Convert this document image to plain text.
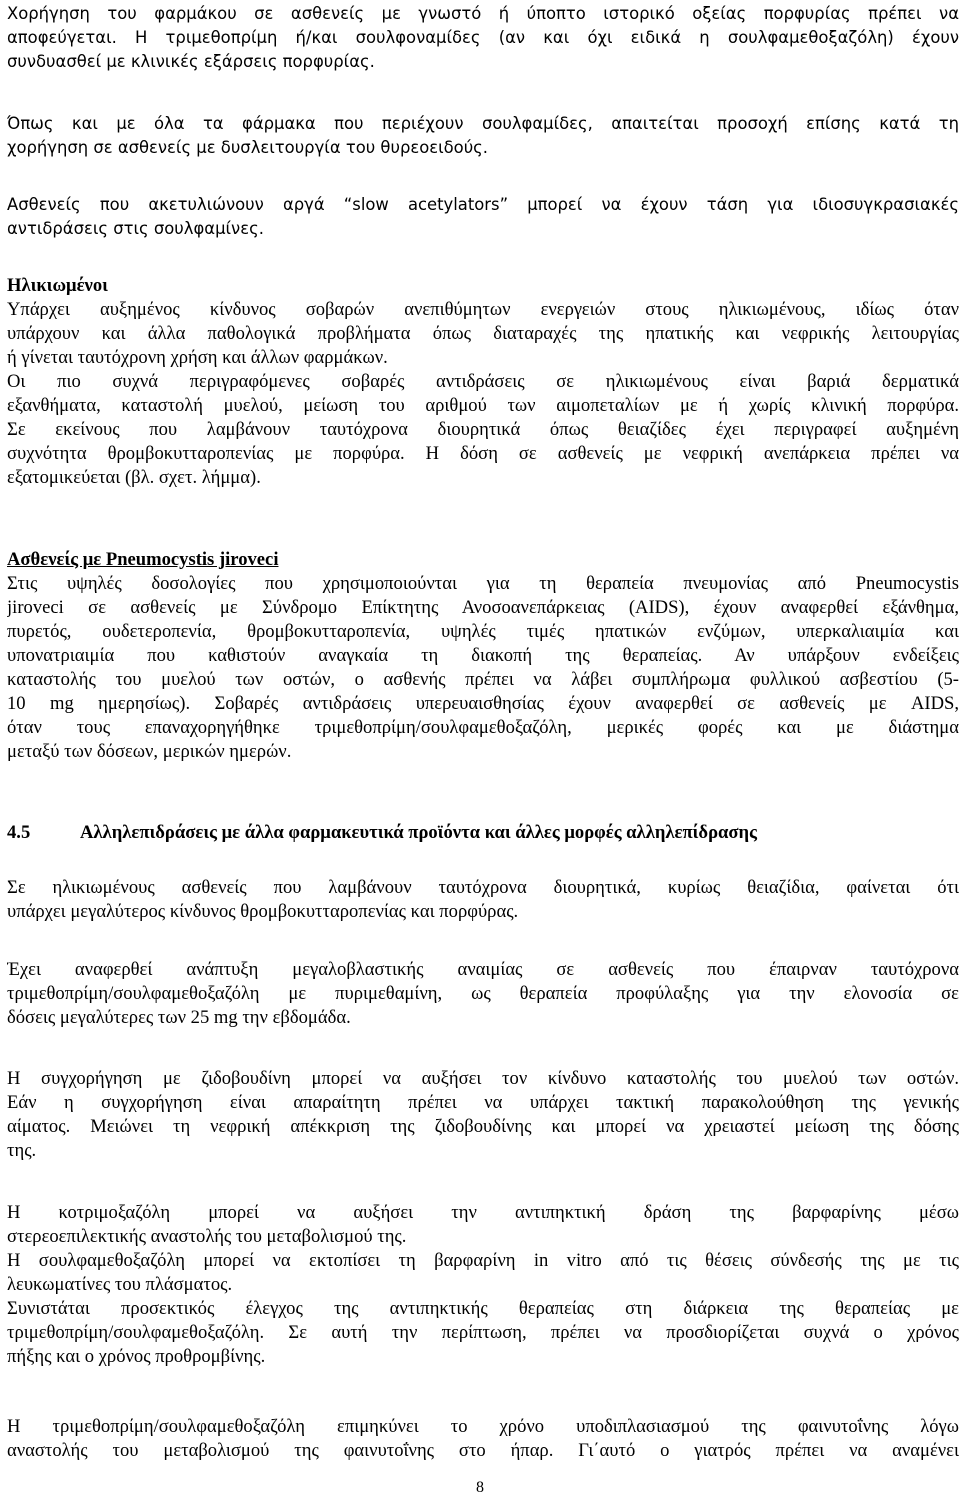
Χορήγηση του φαρμάκου σε ασθενείς με γνωστό ή ύποπτο ιστορικό οξείας πορφυρίας πρέπει να
αποφεύγεται. Η τριμεθοπρίμη ή/και σουλφοναμίδες (αν και όχι ειδικά η σουλφαμεθοξαζόλη) έχουν
συνδυασθεί με κλινικές εξάρσεις πορφυρίας.
Όπως και με όλα τα φάρμακα που περιέχουν σουλφαμίδες, απαιτείται προσοχή επίσης κατά τη
χορήγηση σε ασθενείς με δυσλειτουργία του θυρεοειδούς.
Ασθενείς που ακετυλιώνουν αργά “slow acetylators” μπορεί να έχουν τάση για ιδιοσυγκρασιακές
αντιδράσεις στις σουλφαμίνες.
Ηλικιωμένοι
Υπάρχει αυξημένος κίνδυνος σοβαρών ανεπιθύμητων ενεργειών στους ηλικιωμένους, ιδίως όταν
υπάρχουν και άλλα παθολογικά προβλήματα όπως διαταραχές της ηπατικής και νεφρικής λειτουργίας
ή γίνεται ταυτόχρονη χρήση και άλλων φαρμάκων.
Οι πιο συχνά περιγραφόμενες σοβαρές αντιδράσεις σε ηλικιωμένους είναι βαριά δερματικά
εξανθήματα, καταστολή μυελού, μείωση του αριθμού των αιμοπεταλίων με ή χωρίς κλινική πορφύρα.
Σε εκείνους που λαμβάνουν ταυτόχρονα διουρητικά όπως θειαζίδες έχει περιγραφεί αυξημένη
συχνότητα θρομβοκυτταροπενίας με πορφύρα. Η δόση σε ασθενείς με νεφρική ανεπάρκεια πρέπει να
εξατομικεύεται (βλ. σχετ. λήμμα).
Ασθενείς με Pneumocystis jiroveci
Στις υψηλές δοσολογίες που χρησιμοποιούνται για τη θεραπεία πνευμονίας από Pneumocystis
jiroveci σε ασθενείς με Σύνδρομο Επίκτητης Ανοσοανεπάρκειας (AIDS), έχουν αναφερθεί εξάνθημα,
πυρετός, ουδετεροπενία, θρομβοκυτταροπενία, υψηλές τιμές ηπατικών ενζύμων, υπερκαλιαιμία και
υπονατριαιμία που καθιστούν αναγκαία τη διακοπή της θεραπείας. Αν υπάρξουν ενδείξεις
καταστολής του μυελού των οστών, ο ασθενής πρέπει να λάβει συμπλήρωμα φυλλικού ασβεστίου (5-
10 mg ημερησίως). Σοβαρές αντιδράσεις υπερευαισθησίας έχουν αναφερθεί σε ασθενείς με AIDS,
όταν τους επαναχορηγήθηκε τριμεθοπρίμη/σουλφαμεθοξαζόλη, μερικές φορές και με διάστημα
μεταξύ των δόσεων, μερικών ημερών.
4.5	Αλληλεπιδράσεις με άλλα φαρμακευτικά προϊόντα και άλλες μορφές αλληλεπίδρασης
Σε ηλικιωμένους ασθενείς που λαμβάνουν ταυτόχρονα διουρητικά, κυρίως θειαζίδια, φαίνεται ότι
υπάρχει μεγαλύτερος κίνδυνος θρομβοκυτταροπενίας και πορφύρας.
Έχει αναφερθεί ανάπτυξη μεγαλοβλαστικής αναιμίας σε ασθενείς που έπαιρναν ταυτόχρονα
τριμεθοπρίμη/σουλφαμεθοξαζόλη με πυριμεθαμίνη, ως θεραπεία προφύλαξης για την ελονοσία σε
δόσεις μεγαλύτερες των 25 mg την εβδομάδα.
Η συγχορήγηση με ζιδοβουδίνη μπορεί να αυξήσει τον κίνδυνο καταστολής του μυελού των οστών.
Εάν η συγχορήγηση είναι απαραίτητη πρέπει να υπάρχει τακτική παρακολούθηση της γενικής
αίματος. Μειώνει τη νεφρική απέκκριση της ζιδοβουδίνης και μπορεί να χρειαστεί μείωση της δόσης
της.
Η κοτριμοξαζόλη μπορεί να αυξήσει την αντιπηκτική δράση της βαρφαρίνης μέσω
στερεοεπιλεκτικής αναστολής του μεταβολισμού της.
Η σουλφαμεθοξαζόλη μπορεί να εκτοπίσει τη βαρφαρίνη in vitro από τις θέσεις σύνδεσής της με τις
λευκωματίνες του πλάσματος.
Συνιστάται προσεκτικός έλεγχος της αντιπηκτικής θεραπείας στη διάρκεια της θεραπείας με
τριμεθοπρίμη/σουλφαμεθοξαζόλη. Σε αυτή την περίπτωση, πρέπει να προσδιορίζεται συχνά ο χρόνος
πήξης και ο χρόνος προθρομβίνης.
Η τριμεθοπρίμη/σουλφαμεθοξαζόλη επιμηκύνει το χρόνο υποδιπλασιασμού της φαινυτοΐνης λόγω
αναστολής του μεταβολισμού της φαινυτοΐνης στο ήπαρ. Γι΄αυτό ο γιατρός πρέπει να αναμένει
8
